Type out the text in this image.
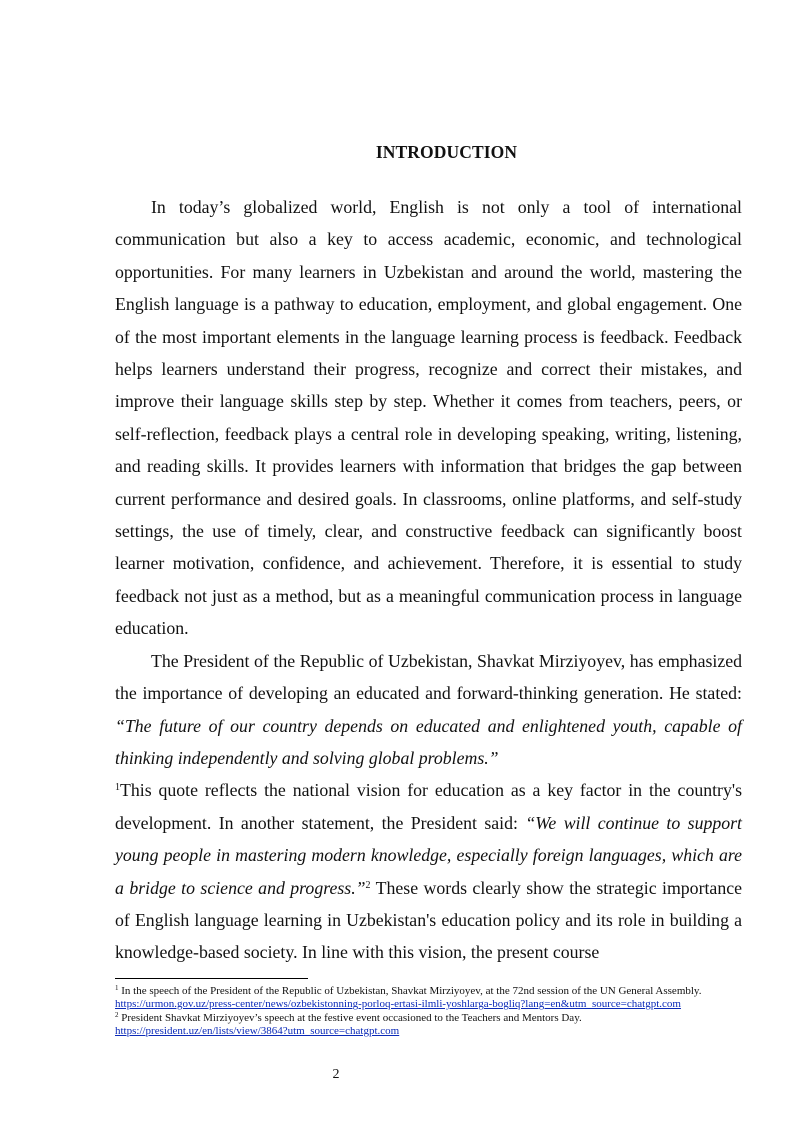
INTRODUCTION

In today’s globalized world, English is not only a tool of international communication but also a key to access academic, economic, and technological opportunities. For many learners in Uzbekistan and around the world, mastering the English language is a pathway to education, employment, and global engagement. One of the most important elements in the language learning process is feedback. Feedback helps learners understand their progress, recognize and correct their mistakes, and improve their language skills step by step. Whether it comes from teachers, peers, or self-reflection, feedback plays a central role in developing speaking, writing, listening, and reading skills. It provides learners with information that bridges the gap between current performance and desired goals. In classrooms, online platforms, and self-study settings, the use of timely, clear, and constructive feedback can significantly boost learner motivation, confidence, and achievement. Therefore, it is essential to study feedback not just as a method, but as a meaningful communication process in language education.

The President of the Republic of Uzbekistan, Shavkat Mirziyoyev, has emphasized the importance of developing an educated and forward-thinking generation. He stated: “The future of our country depends on educated and enlightened youth, capable of thinking independently and solving global problems.”
$^1$This quote reflects the national vision for education as a key factor in the country's development. In another statement, the President said: “We will continue to support young people in mastering modern knowledge, especially foreign languages, which are a bridge to science and progress.”$^2$ These words clearly show the strategic importance of English language learning in Uzbekistan's education policy and its role in building a knowledge-based society. In line with this vision, the present course

$^1$ In the speech of the President of the Republic of Uzbekistan, Shavkat Mirziyoyev, at the 72nd session of the UN General Assembly. https://urmon.gov.uz/press-center/news/ozbekistonning-porloq-ertasi-ilmli-yoshlarga-bogliq?lang=en&utm_source=chatgpt.com
$^2$ President Shavkat Mirziyoyev’s speech at the festive event occasioned to the Teachers and Mentors Day.
https://president.uz/en/lists/view/3864?utm_source=chatgpt.com
2
